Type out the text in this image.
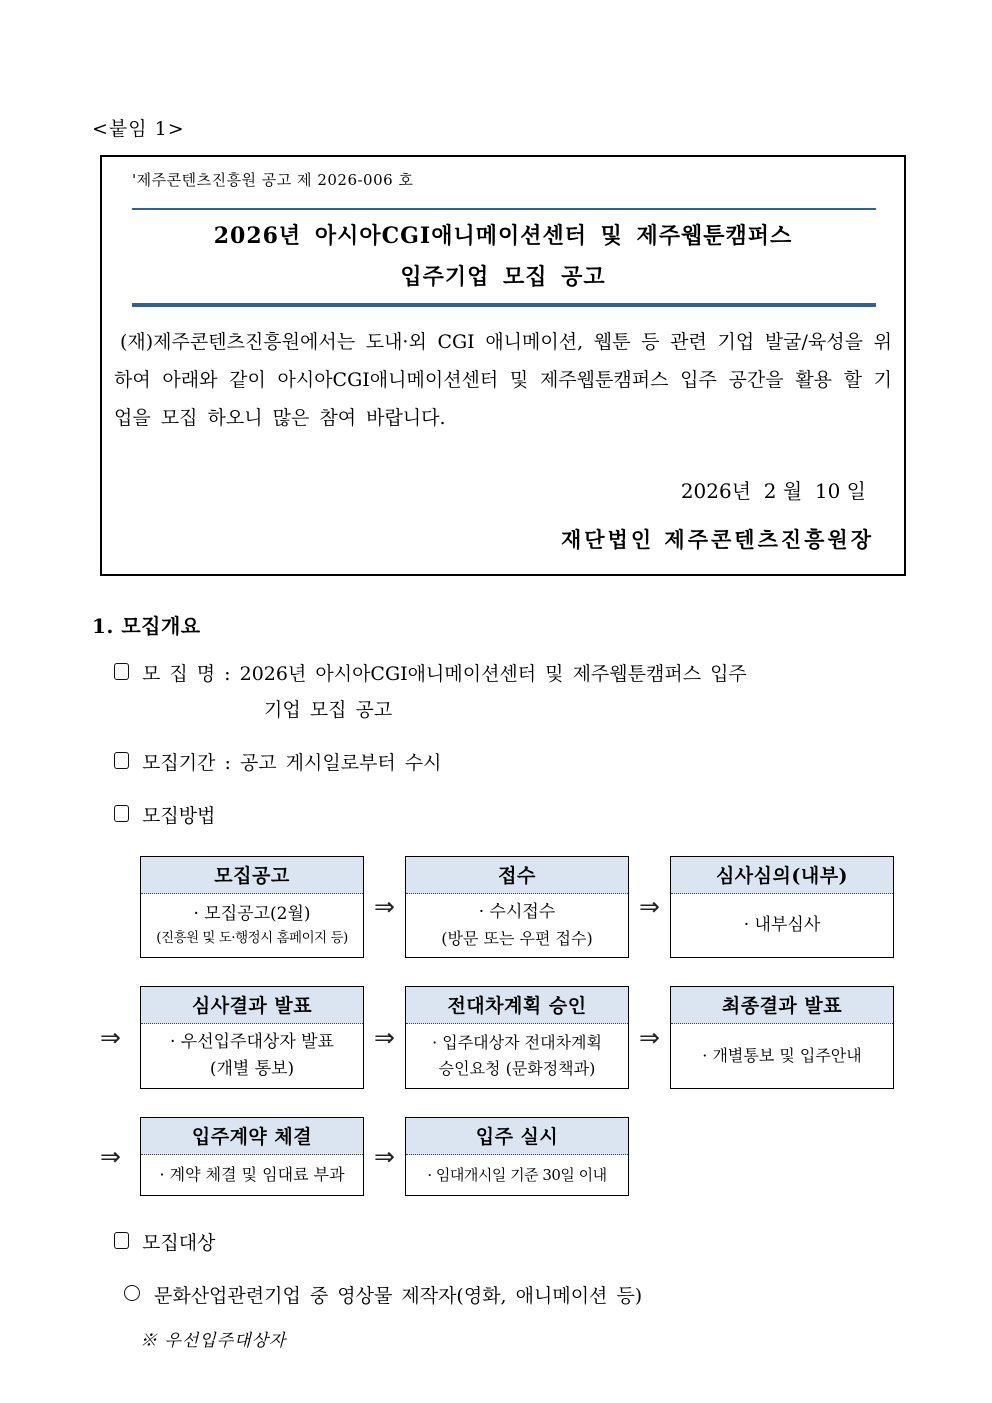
<붙임 1>
'제주콘텐츠진흥원 공고 제 2026-006 호
2026년 아시아CGI애니메이션센터 및 제주웹툰캠퍼스
입주기업 모집 공고

(재)제주콘텐츠진흥원에서는 도내·외 CGI 애니메이션, 웹툰 등 관련 기업 발굴/육성을 위하여 아래와 같이 아시아CGI애니메이션센터 및 제주웹툰캠퍼스 입주 공간을 활용 할 기업을 모집 하오니 많은 참여 바랍니다.

2026년  2 월  10 일
재단법인 제주콘텐츠진흥원장
1. 모집개요
모 집 명 : 2026년 아시아CGI애니메이션센터 및 제주웹툰캠퍼스 입주
기업 모집 공고
모집기간 : 공고 게시일로부터 수시
모집방법
모집공고
· 모집공고(2월)
(진흥원 및 도·행정시 홈페이지 등)
⇒
접수
· 수시접수
(방문 또는 우편 접수)
⇒
심사심의(내부)
· 내부심사
⇒
심사결과 발표
· 우선입주대상자 발표
(개별 통보)
⇒
전대차계획 승인
· 입주대상자 전대차계획
승인요청 (문화정책과)
⇒
최종결과 발표
· 개별통보 및 입주안내
⇒
입주계약 체결
· 계약 체결 및 임대료 부과
⇒
입주 실시
· 임대개시일 기준 30일 이내
모집대상
문화산업관련기업 중 영상물 제작자(영화, 애니메이션 등)
※ 우선입주대상자
